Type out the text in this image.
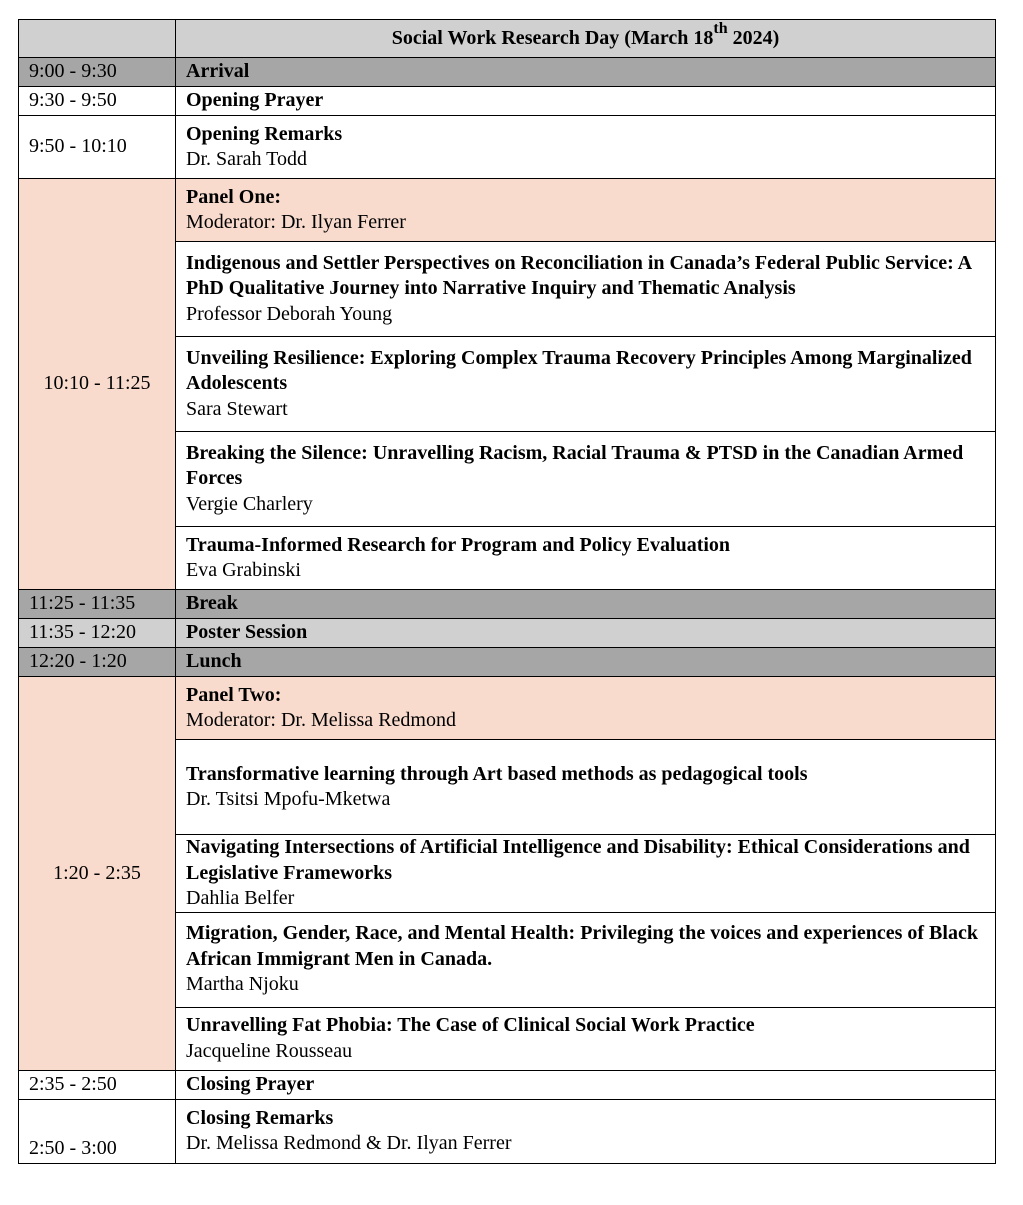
	Social Work Research Day (March 18th 2024)
9:00 - 9:30	Arrival

9:30 - 9:50	Opening Prayer

9:50 - 10:10	Opening Remarks
Dr. Sarah Todd

10:10 - 11:25	Panel One:
Moderator: Dr. Ilyan Ferrer

	Indigenous and Settler Perspectives on Reconciliation in Canada’s Federal Public Service: A PhD Qualitative Journey into Narrative Inquiry and Thematic Analysis
Professor Deborah Young

	Unveiling Resilience: Exploring Complex Trauma Recovery Principles Among Marginalized Adolescents
Sara Stewart

	Breaking the Silence: Unravelling Racism, Racial Trauma & PTSD in the Canadian Armed Forces
Vergie Charlery

	Trauma-Informed Research for Program and Policy Evaluation
Eva Grabinski

11:25 - 11:35	Break

11:35 - 12:20	Poster Session

12:20 - 1:20	Lunch

1:20 - 2:35	Panel Two:
Moderator: Dr. Melissa Redmond

	Transformative learning through Art based methods as pedagogical tools
Dr. Tsitsi Mpofu-Mketwa

	Navigating Intersections of Artificial Intelligence and Disability: Ethical Considerations and Legislative Frameworks
Dahlia Belfer

	Migration, Gender, Race, and Mental Health: Privileging the voices and experiences of Black African Immigrant Men in Canada.
Martha Njoku

	Unravelling Fat Phobia: The Case of Clinical Social Work Practice
Jacqueline Rousseau

2:35 - 2:50	Closing Prayer

2:50 - 3:00	Closing Remarks
Dr. Melissa Redmond & Dr. Ilyan Ferrer
